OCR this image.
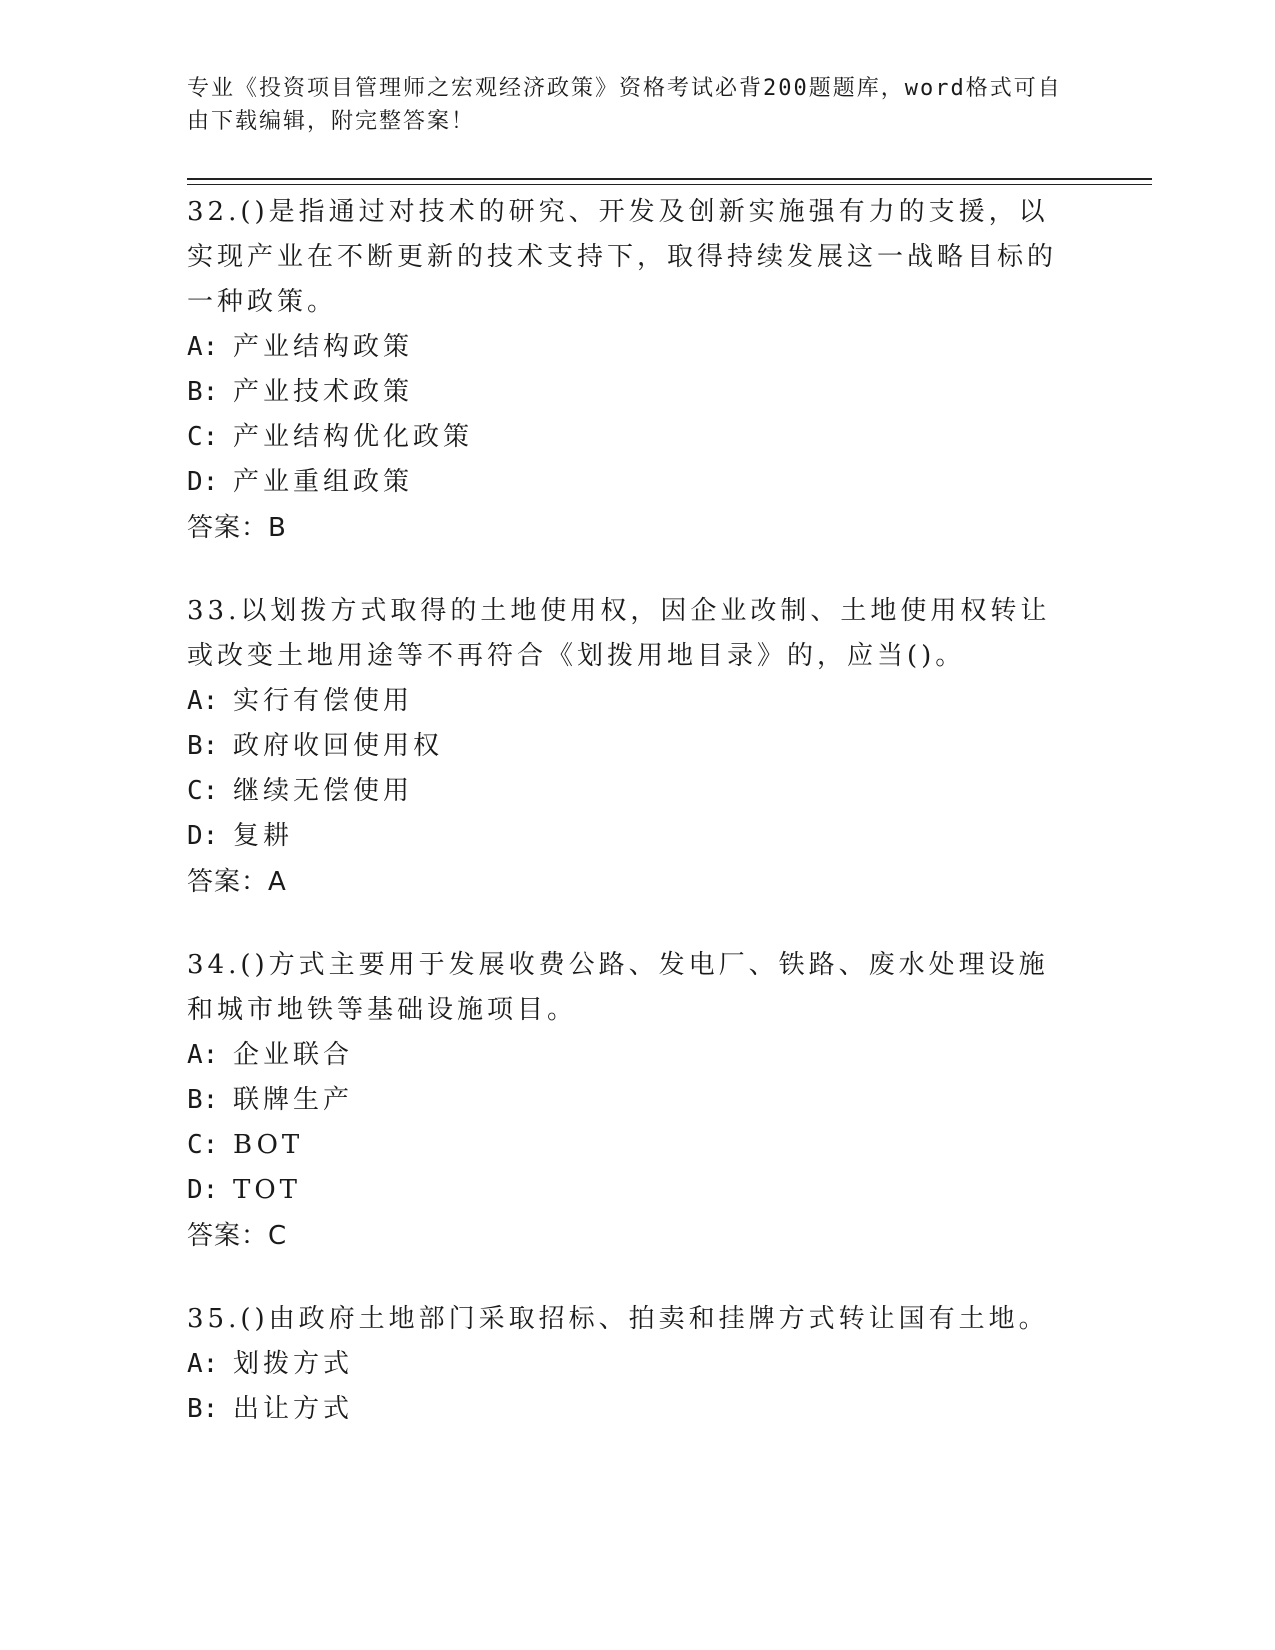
专业《投资项目管理师之宏观经济政策》资格考试必背200题题库，word格式可自由下载编辑，附完整答案！
32.()是指通过对技术的研究、开发及创新实施强有力的支援，以实现产业在不断更新的技术支持下，取得持续发展这一战略目标的一种政策。
A: 产业结构政策
B: 产业技术政策
C: 产业结构优化政策
D: 产业重组政策
答案：B
33.以划拨方式取得的土地使用权，因企业改制、土地使用权转让或改变土地用途等不再符合《划拨用地目录》的，应当()。
A: 实行有偿使用
B: 政府收回使用权
C: 继续无偿使用
D: 复耕
答案：A
34.()方式主要用于发展收费公路、发电厂、铁路、废水处理设施和城市地铁等基础设施项目。
A: 企业联合
B: 联牌生产
C: BOT
D: TOT
答案：C
35.()由政府土地部门采取招标、拍卖和挂牌方式转让国有土地。
A: 划拨方式
B: 出让方式
